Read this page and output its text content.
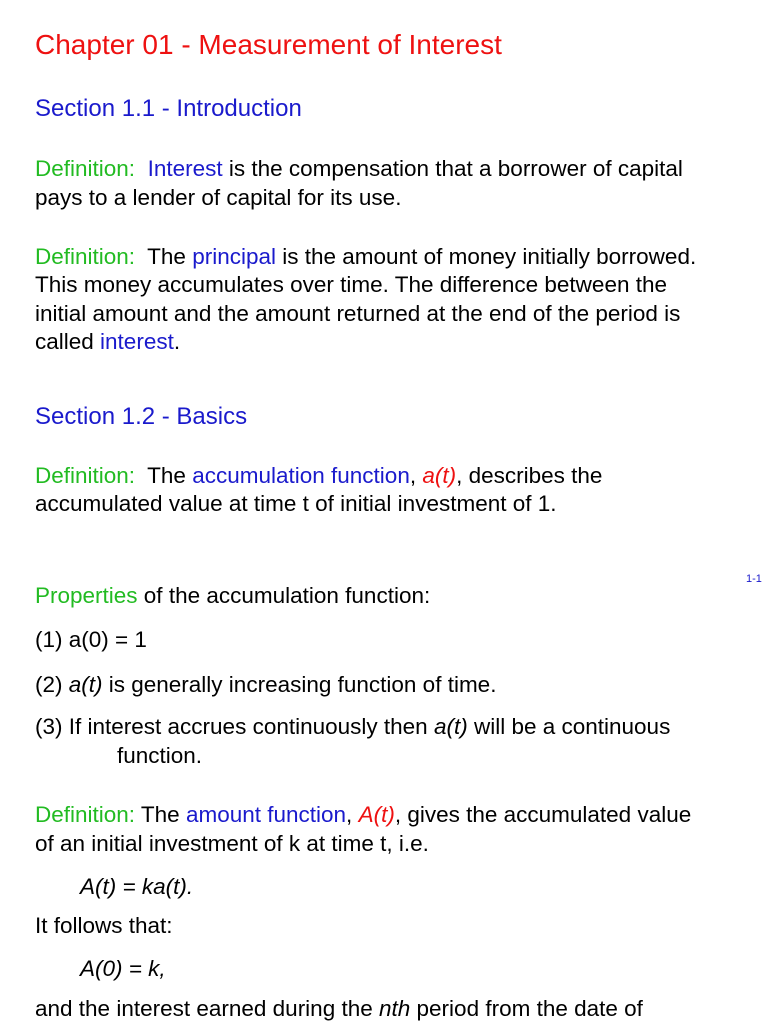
Chapter 01 - Measurement of Interest
Section 1.1 - Introduction
Definition: Interest is the compensation that a borrower of capital
pays to a lender of capital for its use.
Definition: The principal is the amount of money initially borrowed.
This money accumulates over time. The difference between the
initial amount and the amount returned at the end of the period is
called interest.
Section 1.2 - Basics
Definition: The accumulation function, a(t), describes the
accumulated value at time t of initial investment of 1.
1-1
Properties of the accumulation function:
(1) a(0) = 1
(2) a(t) is generally increasing function of time.
(3) If interest accrues continuously then a(t) will be a continuous
function.
Definition: The amount function, A(t), gives the accumulated value
of an initial investment of k at time t, i.e.
A(t) = ka(t).
It follows that:
A(0) = k,
and the interest earned during the nth period from the date of
